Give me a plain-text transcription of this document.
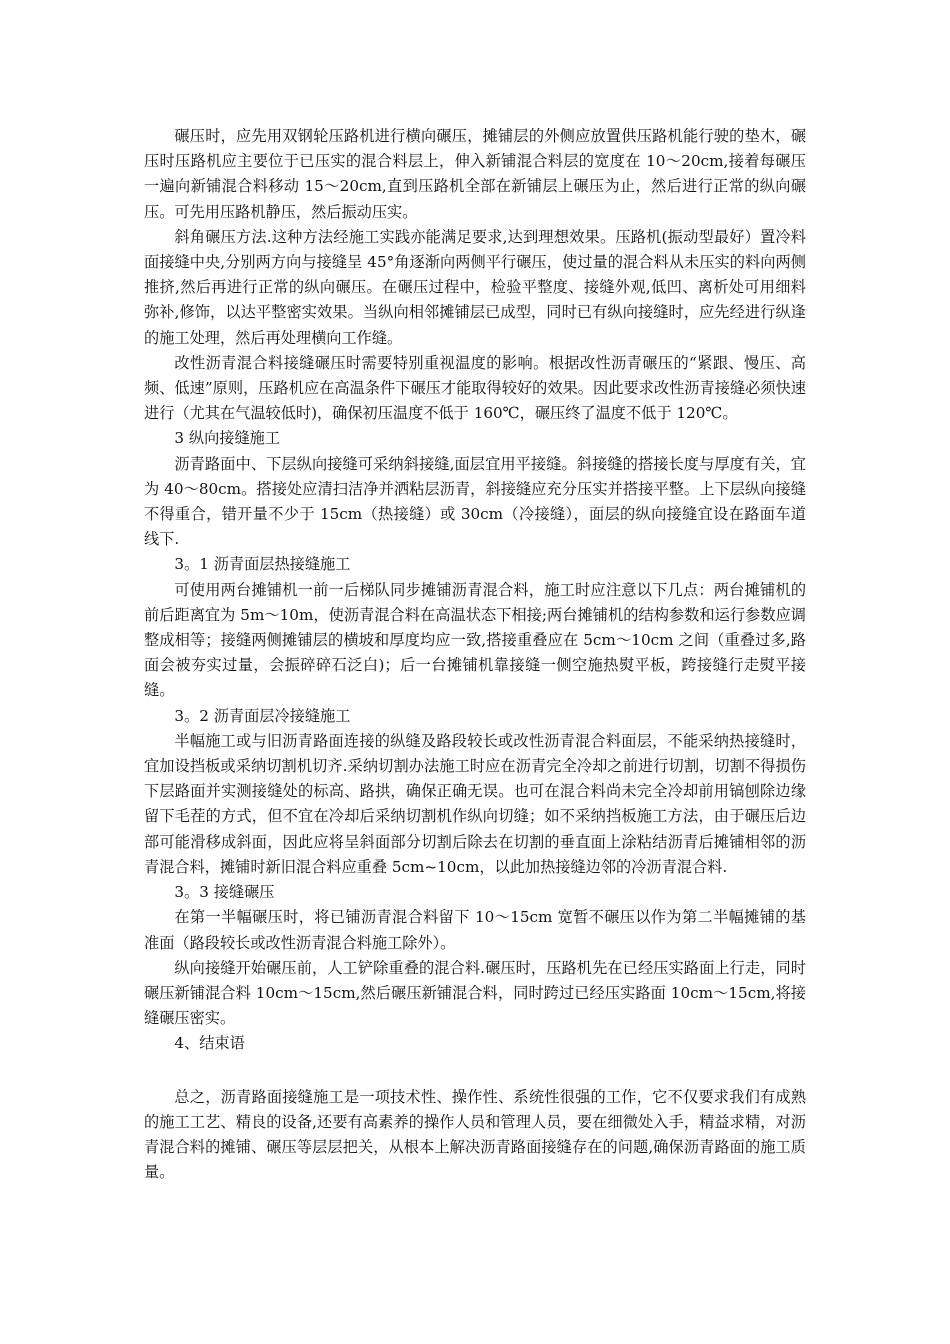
碾压时，应先用双钢轮压路机进行横向碾压，摊铺层的外侧应放置供压路机能行驶的垫木，碾压时压路机应主要位于已压实的混合料层上，伸入新铺混合料层的宽度在 10～20cm,接着每碾压一遍向新铺混合料移动 15～20cm,直到压路机全部在新铺层上碾压为止，然后进行正常的纵向碾压。可先用压路机静压，然后振动压实。

斜角碾压方法.这种方法经施工实践亦能满足要求,达到理想效果。压路机(振动型最好）置冷料面接缝中央,分别两方向与接缝呈 45°角逐渐向两侧平行碾压，使过量的混合料从未压实的料向两侧推挤,然后再进行正常的纵向碾压。在碾压过程中，检验平整度、接缝外观,低凹、离析处可用细料弥补,修饰，以达平整密实效果。当纵向相邻摊铺层已成型，同时已有纵向接缝时，应先经进行纵逢的施工处理，然后再处理横向工作缝。

改性沥青混合料接缝碾压时需要特别重视温度的影响。根据改性沥青碾压的“紧跟、慢压、高频、低速”原则，压路机应在高温条件下碾压才能取得较好的效果。因此要求改性沥青接缝必须快速进行（尤其在气温较低时)，确保初压温度不低于 160℃，碾压终了温度不低于 120℃。

3 纵向接缝施工

沥青路面中、下层纵向接缝可采纳斜接缝,面层宜用平接缝。斜接缝的搭接长度与厚度有关，宜为 40～80cm。搭接处应清扫洁净并洒粘层沥青，斜接缝应充分压实并搭接平整。上下层纵向接缝不得重合，错开量不少于 15cm（热接缝）或 30cm（冷接缝），面层的纵向接缝宜设在路面车道线下.

3。1 沥青面层热接缝施工

可使用两台摊铺机一前一后梯队同步摊铺沥青混合料，施工时应注意以下几点：两台摊铺机的前后距离宜为 5m～10m，使沥青混合料在高温状态下相接;两台摊铺机的结构参数和运行参数应调整成相等；接缝两侧摊铺层的横坡和厚度均应一致,搭接重叠应在 5cm～10cm 之间（重叠过多,路面会被夯实过量，会振碎碎石泛白)；后一台摊铺机靠接缝一侧空施热熨平板，跨接缝行走熨平接缝。

3。2 沥青面层冷接缝施工

半幅施工或与旧沥青路面连接的纵缝及路段较长或改性沥青混合料面层，不能采纳热接缝时，宜加设挡板或采纳切割机切齐.采纳切割办法施工时应在沥青完全冷却之前进行切割，切割不得损伤下层路面并实测接缝处的标高、路拱，确保正确无误。也可在混合料尚未完全冷却前用镐刨除边缘留下毛茬的方式，但不宜在冷却后采纳切割机作纵向切缝；如不采纳挡板施工方法，由于碾压后边部可能滑移成斜面，因此应将呈斜面部分切割后除去在切割的垂直面上涂粘结沥青后摊铺相邻的沥青混合料，摊铺时新旧混合料应重叠 5cm~10cm，以此加热接缝边邻的冷沥青混合料.

3。3 接缝碾压

在第一半幅碾压时，将已铺沥青混合料留下 10～15cm 宽暂不碾压以作为第二半幅摊铺的基准面（路段较长或改性沥青混合料施工除外）。

纵向接缝开始碾压前，人工铲除重叠的混合料.碾压时，压路机先在已经压实路面上行走，同时碾压新铺混合料 10cm～15cm,然后碾压新铺混合料，同时跨过已经压实路面 10cm～15cm,将接缝碾压密实。

4、结束语

总之，沥青路面接缝施工是一项技术性、操作性、系统性很强的工作，它不仅要求我们有成熟的施工工艺、精良的设备,还要有高素养的操作人员和管理人员，要在细微处入手，精益求精，对沥青混合料的摊铺、碾压等层层把关，从根本上解决沥青路面接缝存在的问题,确保沥青路面的施工质量。
